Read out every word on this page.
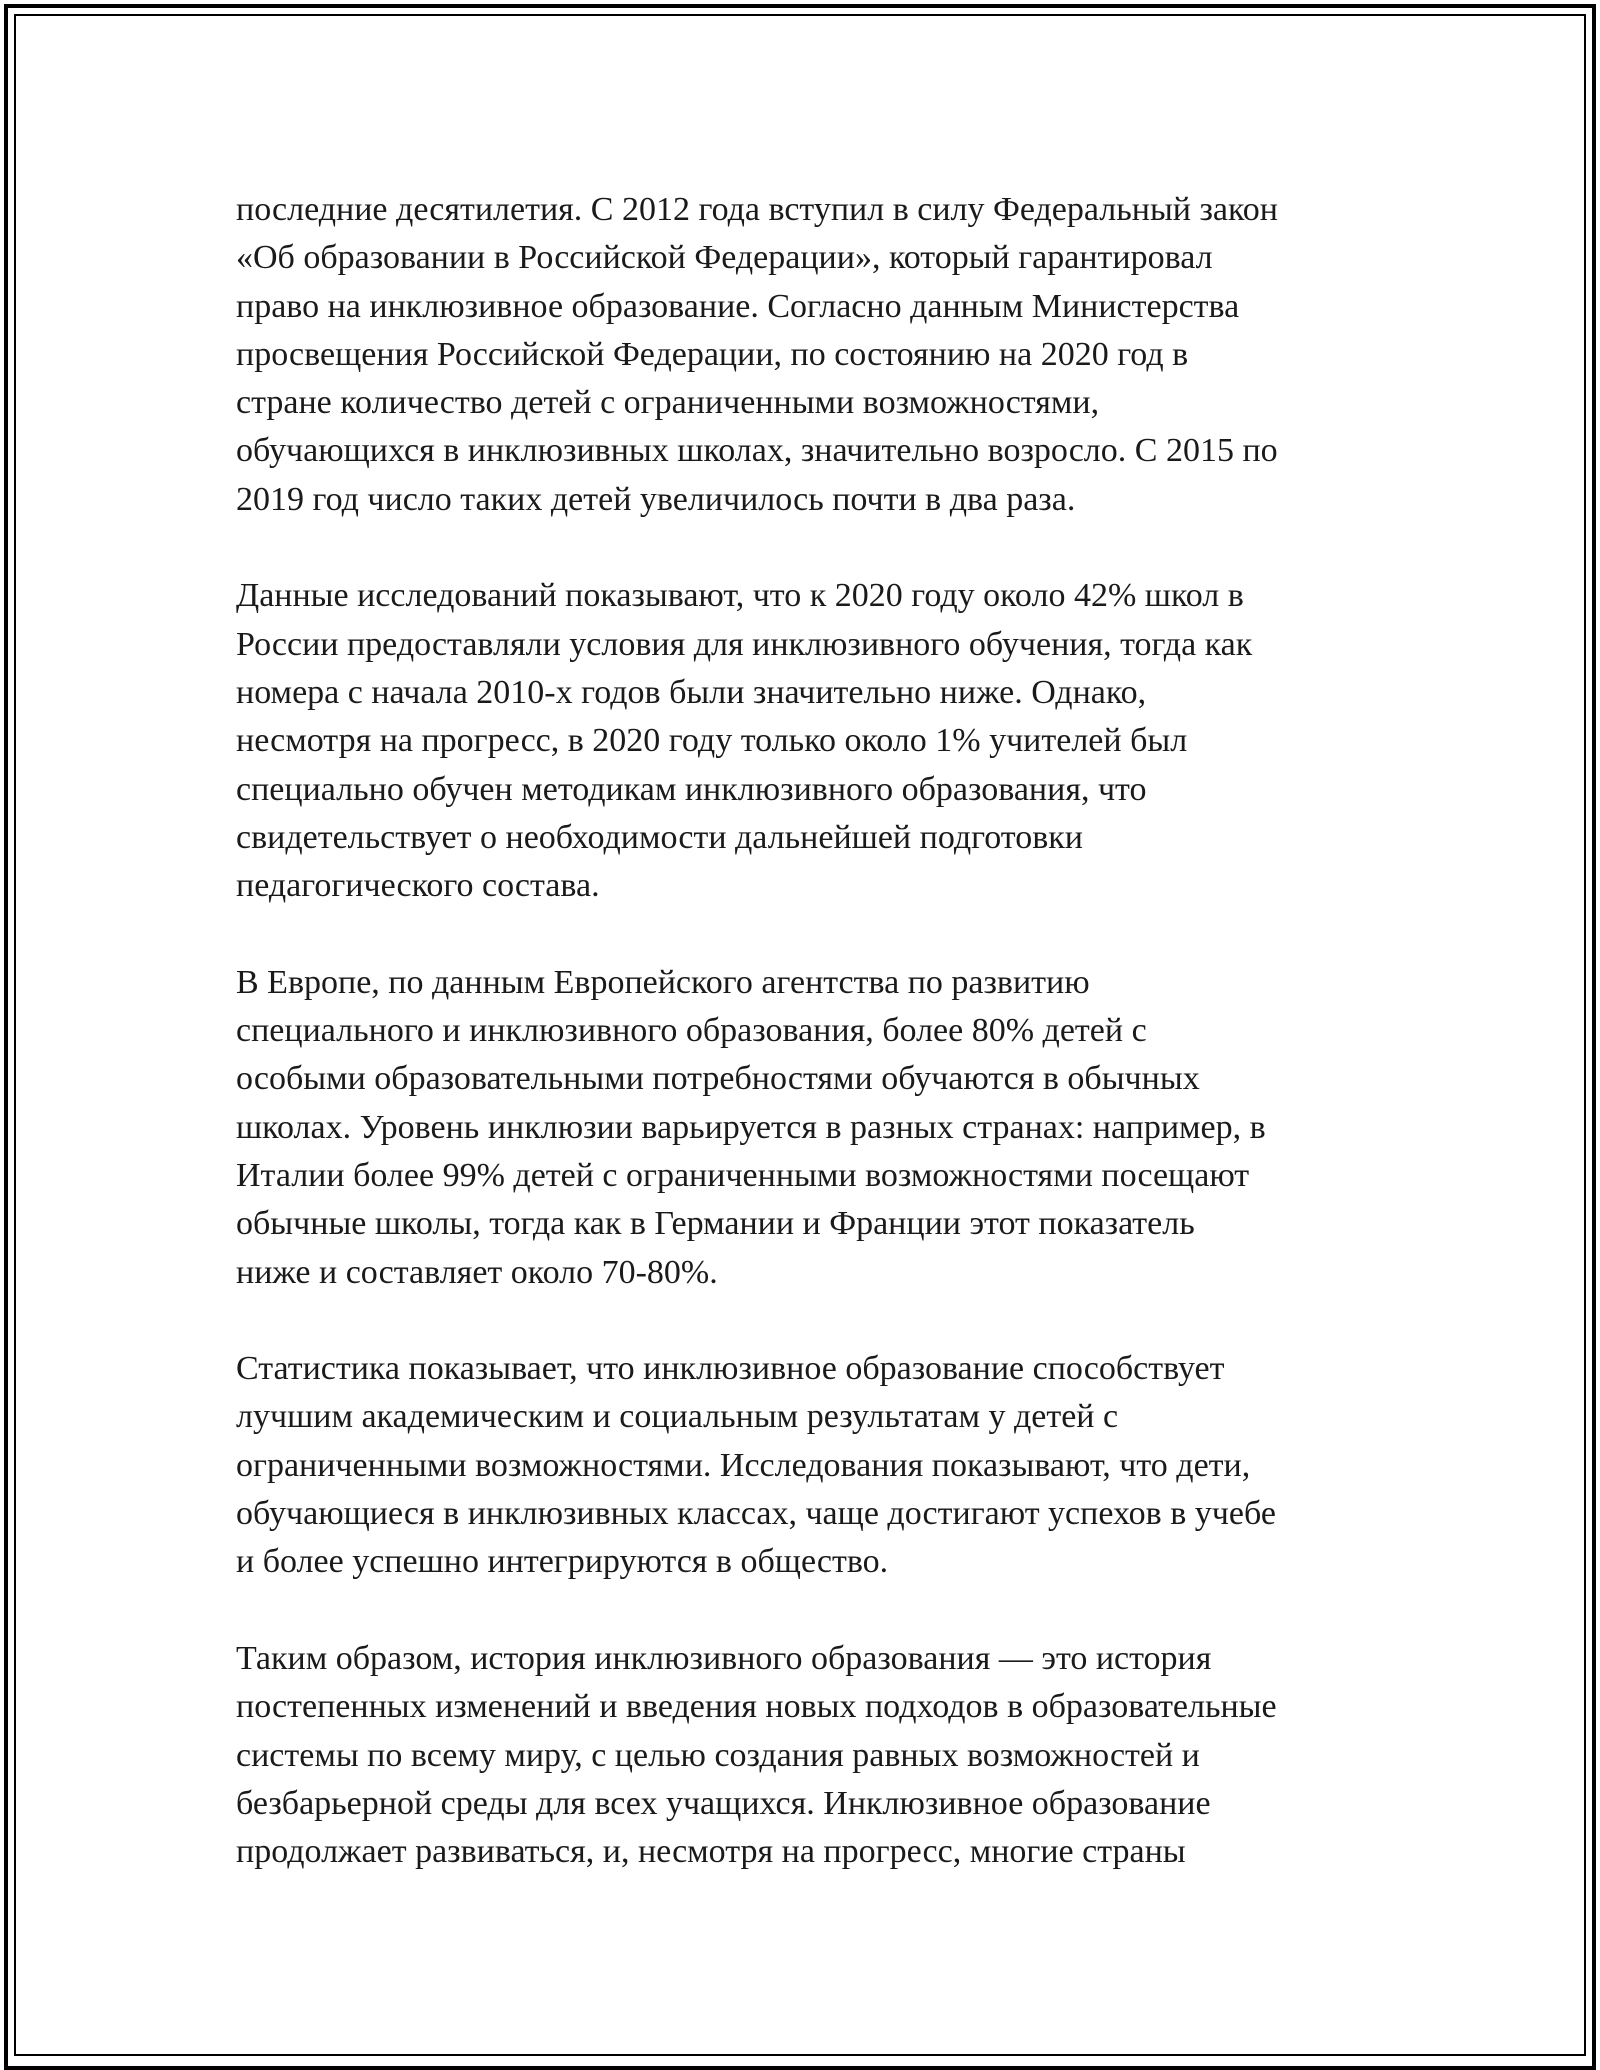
последние десятилетия. С 2012 года вступил в силу Федеральный закон
«Об образовании в Российской Федерации», который гарантировал
право на инклюзивное образование. Согласно данным Министерства
просвещения Российской Федерации, по состоянию на 2020 год в
стране количество детей с ограниченными возможностями,
обучающихся в инклюзивных школах, значительно возросло. С 2015 по
2019 год число таких детей увеличилось почти в два раза.

Данные исследований показывают, что к 2020 году около 42% школ в
России предоставляли условия для инклюзивного обучения, тогда как
номера с начала 2010-х годов были значительно ниже. Однако,
несмотря на прогресс, в 2020 году только около 1% учителей был
специально обучен методикам инклюзивного образования, что
свидетельствует о необходимости дальнейшей подготовки
педагогического состава.

В Европе, по данным Европейского агентства по развитию
специального и инклюзивного образования, более 80% детей с
особыми образовательными потребностями обучаются в обычных
школах. Уровень инклюзии варьируется в разных странах: например, в
Италии более 99% детей с ограниченными возможностями посещают
обычные школы, тогда как в Германии и Франции этот показатель
ниже и составляет около 70-80%.

Статистика показывает, что инклюзивное образование способствует
лучшим академическим и социальным результатам у детей с
ограниченными возможностями. Исследования показывают, что дети,
обучающиеся в инклюзивных классах, чаще достигают успехов в учебе
и более успешно интегрируются в общество.

Таким образом, история инклюзивного образования — это история
постепенных изменений и введения новых подходов в образовательные
системы по всему миру, с целью создания равных возможностей и
безбарьерной среды для всех учащихся. Инклюзивное образование
продолжает развиваться, и, несмотря на прогресс, многие страны
